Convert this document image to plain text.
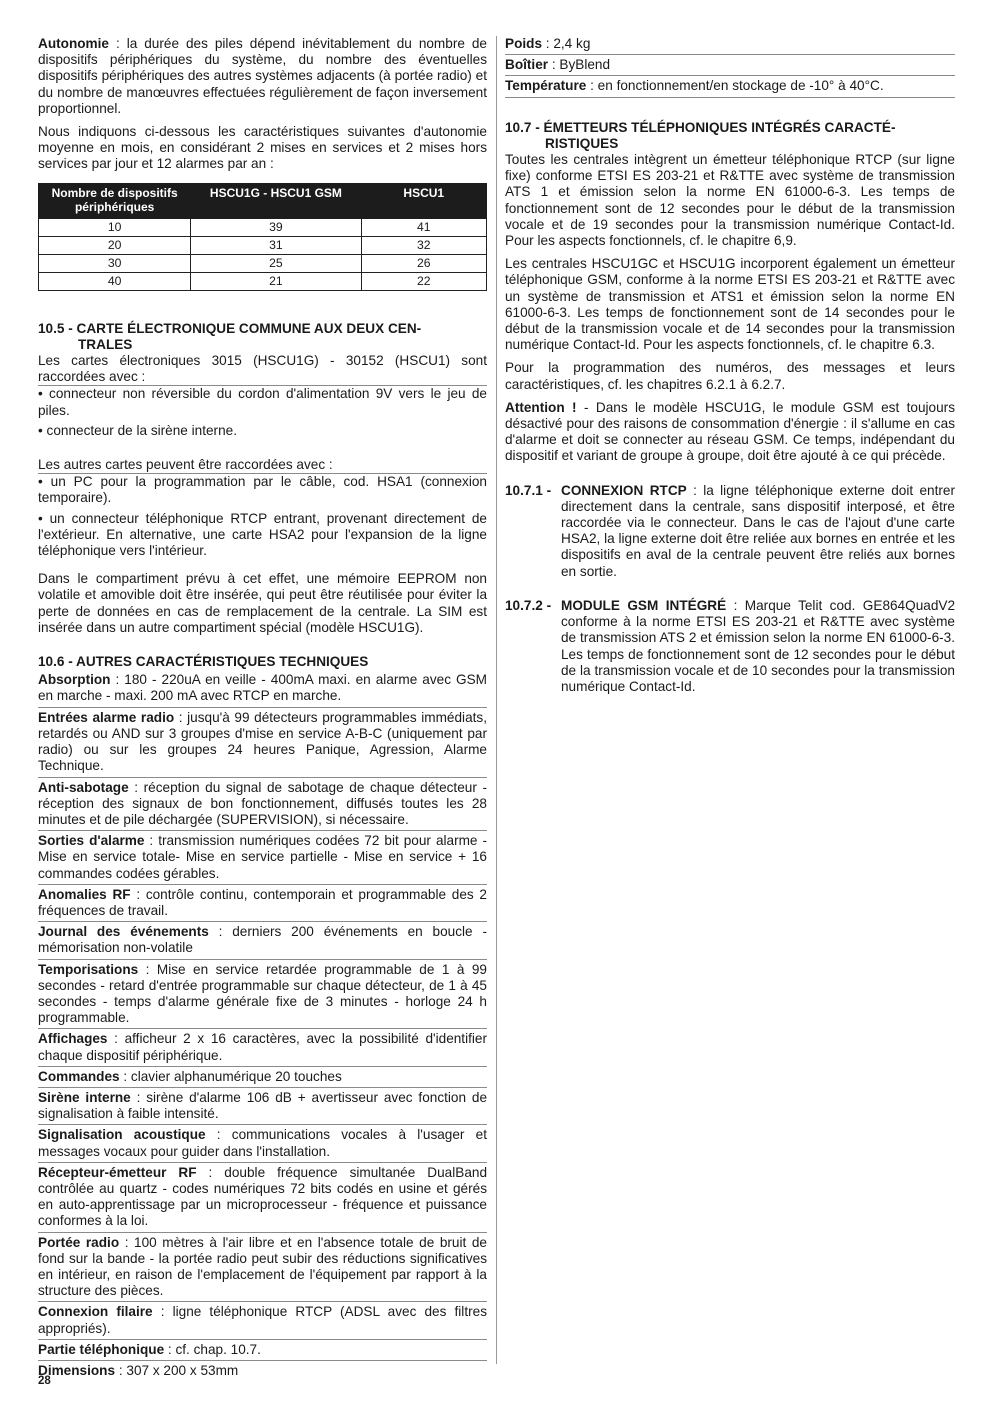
Autonomie : la durée des piles dépend inévitablement du nombre de dispositifs périphériques du système, du nombre des éventuelles dispositifs périphériques des autres systèmes adjacents (à portée radio) et du nombre de manœuvres effectuées régulièrement de façon inversement proportionnel.

Nous indiquons ci-dessous les caractéristiques suivantes d'autonomie moyenne en mois, en considérant 2 mises en services et 2 mises hors services par jour et 12 alarmes par an :

Nombre de dispositifs périphériques	HSCU1G - HSCU1 GSM	HSCU1
10	39	41
20	31	32
30	25	26
40	21	22
10.5 - CARTE ÉLECTRONIQUE COMMUNE AUX DEUX CEN-
TRALES

Les cartes électroniques 3015 (HSCU1G) - 30152 (HSCU1) sont raccordées avec :

• connecteur non réversible du cordon d'alimentation 9V vers le jeu de piles.

• connecteur de la sirène interne.

Les autres cartes peuvent être raccordées avec :

• un PC pour la programmation par le câble, cod. HSA1 (connexion temporaire).

• un connecteur téléphonique RTCP entrant, provenant directement de l'extérieur. En alternative, une carte HSA2 pour l'expansion de la ligne téléphonique vers l'intérieur.

Dans le compartiment prévu à cet effet, une mémoire EEPROM non volatile et amovible doit être insérée, qui peut être réutilisée pour éviter la perte de données en cas de remplacement de la centrale. La SIM est insérée dans un autre compartiment spécial (modèle HSCU1G).

10.6 - AUTRES CARACTÉRISTIQUES TECHNIQUES

Absorption : 180 - 220uA en veille - 400mA maxi. en alarme avec GSM en marche - maxi. 200 mA avec RTCP en marche.

Entrées alarme radio : jusqu'à 99 détecteurs programmables immédiats, retardés ou AND sur 3 groupes d'mise en service A-B-C (uniquement par radio) ou sur les groupes 24 heures Panique, Agression, Alarme Technique.

Anti-sabotage : réception du signal de sabotage de chaque détecteur - réception des signaux de bon fonctionnement, diffusés toutes les 28 minutes et de pile déchargée (SUPERVISION), si nécessaire.

Sorties d'alarme : transmission numériques codées 72 bit pour alarme - Mise en service totale- Mise en service partielle - Mise en service + 16 commandes codées gérables.

Anomalies RF : contrôle continu, contemporain et programmable des 2 fréquences de travail.

Journal des événements : derniers 200 événements en boucle - mémorisation non-volatile

Temporisations : Mise en service retardée programmable de 1 à 99 secondes - retard d'entrée programmable sur chaque détecteur, de 1 à 45 secondes - temps d'alarme générale fixe de 3 minutes - horloge 24 h programmable.

Affichages : afficheur 2 x 16 caractères, avec la possibilité d'identifier chaque dispositif périphérique.

Commandes : clavier alphanumérique 20 touches

Sirène interne : sirène d'alarme 106 dB + avertisseur avec fonction de signalisation à faible intensité.

Signalisation acoustique : communications vocales à l'usager et messages vocaux pour guider dans l'installation.

Récepteur-émetteur RF : double fréquence simultanée DualBand contrôlée au quartz - codes numériques 72 bits codés en usine et gérés en auto-apprentissage par un microprocesseur - fréquence et puissance conformes à la loi.

Portée radio : 100 mètres à l'air libre et en l'absence totale de bruit de fond sur la bande - la portée radio peut subir des réductions significatives en intérieur, en raison de l'emplacement de l'équipement par rapport à la structure des pièces.

Connexion filaire : ligne téléphonique RTCP (ADSL avec des filtres appropriés).

Partie téléphonique : cf. chap. 10.7.

Dimensions : 307 x 200 x 53mm

Poids : 2,4 kg

Boîtier : ByBlend

Température : en fonctionnement/en stockage de -10° à 40°C.

10.7 - ÉMETTEURS TÉLÉPHONIQUES INTÉGRÉS CARACTÉ-
RISTIQUES

Toutes les centrales intègrent un émetteur téléphonique RTCP (sur ligne fixe) conforme ETSI ES 203-21 et R&TTE avec système de transmission ATS 1 et émission selon la norme EN 61000-6-3. Les temps de fonctionnement sont de 12 secondes pour le début de la transmission vocale et de 19 secondes pour la transmission numérique Contact-Id. Pour les aspects fonctionnels, cf. le chapitre 6,9.

Les centrales HSCU1GC et HSCU1G incorporent également un émetteur téléphonique GSM, conforme à la norme ETSI ES 203-21 et R&TTE avec un système de transmission et ATS1 et émission selon la norme EN 61000-6-3. Les temps de fonctionnement sont de 14 secondes pour le début de la transmission vocale et de 14 secondes pour la transmission numérique Contact-Id. Pour les aspects fonctionnels, cf. le chapitre 6.3.

Pour la programmation des numéros, des messages et leurs caractéristiques, cf. les chapitres 6.2.1 à 6.2.7.

Attention ! - Dans le modèle HSCU1G, le module GSM est toujours désactivé pour des raisons de consommation d'énergie : il s'allume en cas d'alarme et doit se connecter au réseau GSM. Ce temps, indépendant du dispositif et variant de groupe à groupe, doit être ajouté à ce qui précède.

10.7.1 - CONNEXION RTCP : la ligne téléphonique externe doit entrer directement dans la centrale, sans dispositif interposé, et être raccordée via le connecteur. Dans le cas de l'ajout d'une carte HSA2, la ligne externe doit être reliée aux bornes en entrée et les dispositifs en aval de la centrale peuvent être reliés aux bornes en sortie.
10.7.2 - MODULE GSM INTÉGRÉ : Marque Telit cod. GE864QuadV2 conforme à la norme ETSI ES 203-21 et R&TTE avec système de transmission ATS 2 et émission selon la norme EN 61000-6-3. Les temps de fonctionnement sont de 12 secondes pour le début de la transmission vocale et de 10 secondes pour la transmission numérique Contact-Id.
28
